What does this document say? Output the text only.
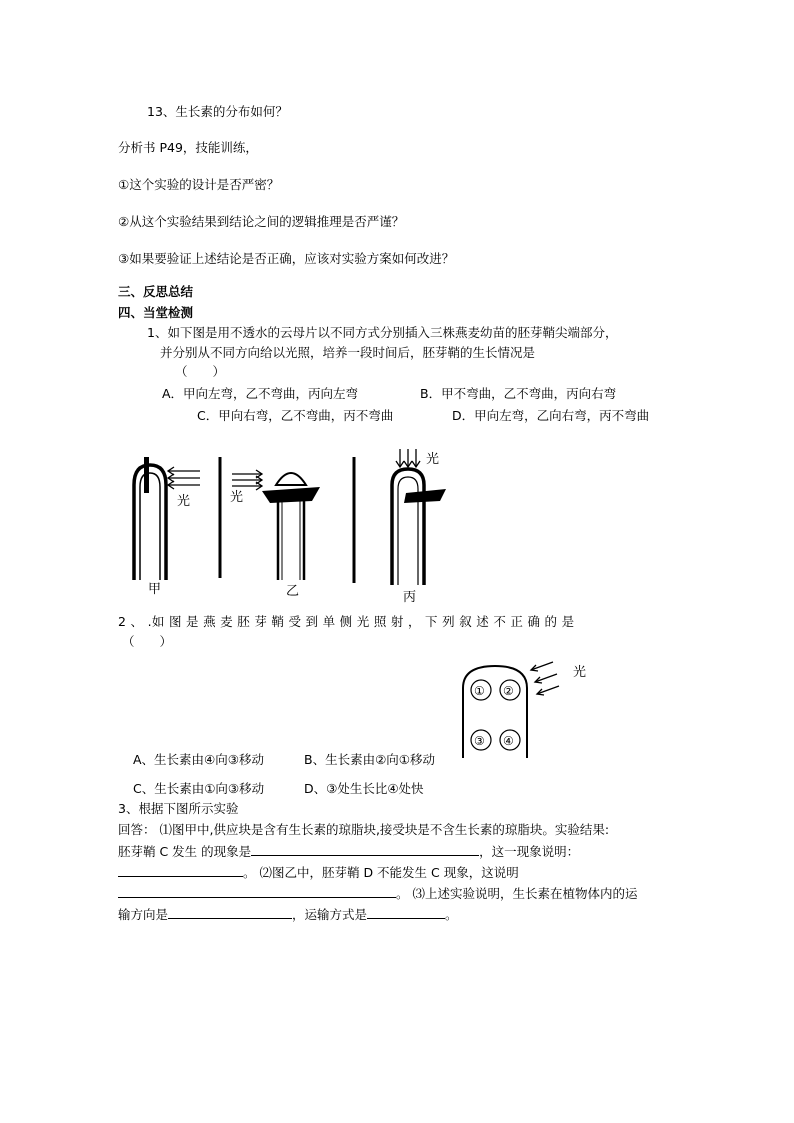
13、生长素的分布如何？
分析书 P49，技能训练，
①这个实验的设计是否严密？
②从这个实验结果到结论之间的逻辑推理是否严谨？
③如果要验证上述结论是否正确，应该对实验方案如何改进？
三、反思总结
四、当堂检测
1、如下图是用不透水的云母片以不同方式分别插入三株燕麦幼苗的胚芽鞘尖端部分，
并分别从不同方向给以光照，培养一段时间后，胚芽鞘的生长情况是
（　　）
A．甲向左弯，乙不弯曲，丙向左弯	B．甲不弯曲，乙不弯曲，丙向右弯
C．甲向右弯，乙不弯曲，丙不弯曲	D．甲向左弯，乙向右弯，丙不弯曲
光
甲
光
乙
光
丙
2 、 .如 图 是 燕 麦 胚 芽 鞘 受 到 单 侧 光 照 射 ， 下 列 叙 述 不 正 确 的 是
（　　）
① ②
③ ④
光
A、生长素由④向③移动	B、生长素由②向①移动
C、生长素由①向③移动	D、③处生长比④处快
3、根据下图所示实验
回答： ⑴图甲中,供应块是含有生长素的琼脂块,接受块是不含生长素的琼脂块。实验结果:
胚芽鞘 C 发生 的现象是	，这一现象说明：
。 ⑵图乙中，胚芽鞘 D 不能发生 C 现象，这说明
。 ⑶上述实验说明，生长素在植物体内的运
输方向是	，运输方式是	。
